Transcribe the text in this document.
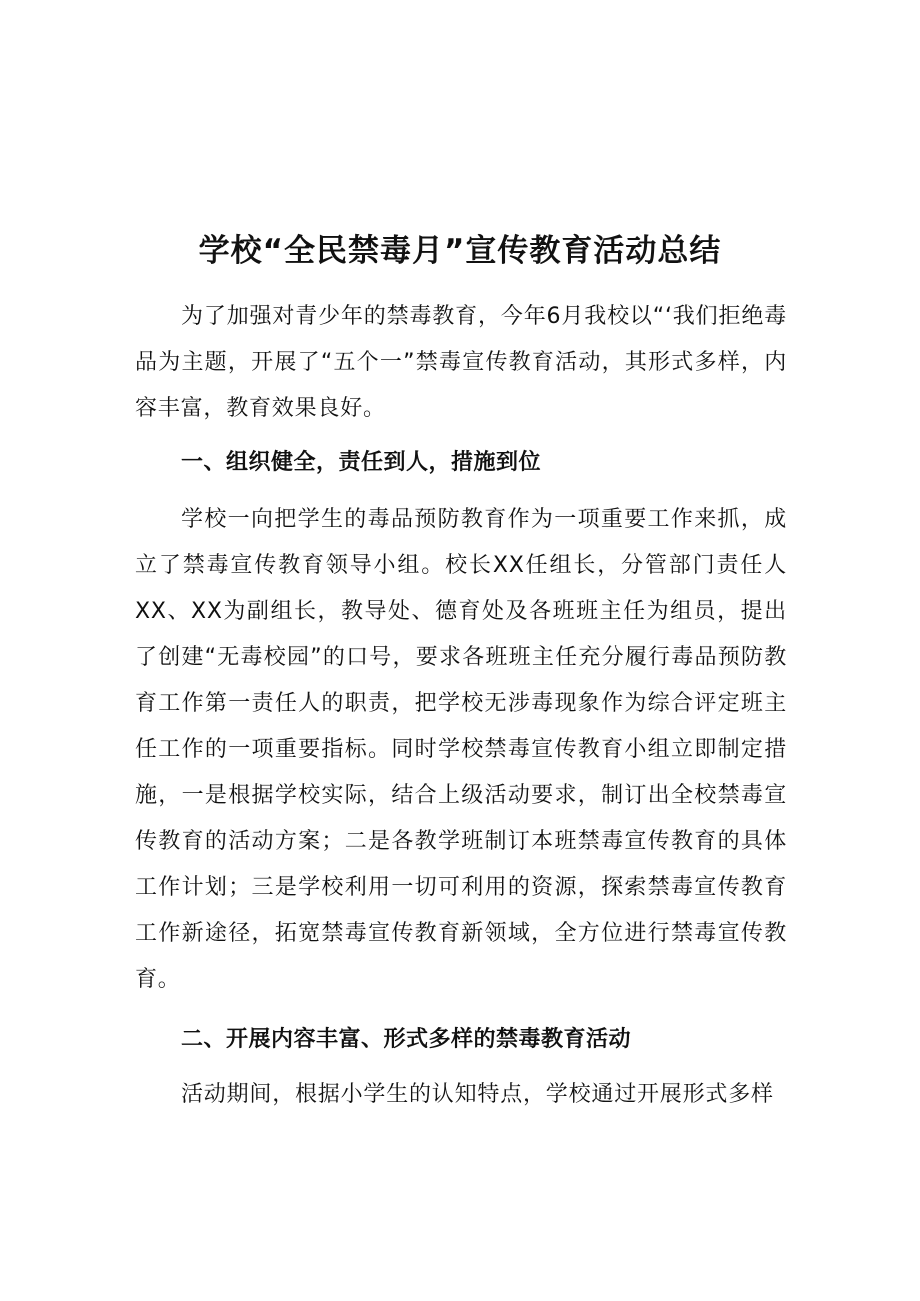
学校“全民禁毒月”宣传教育活动总结

为了加强对青少年的禁毒教育，今年6月我校以“‘我们拒绝毒品为主题，开展了“五个一”禁毒宣传教育活动，其形式多样，内容丰富，教育效果良好。

一、组织健全，责任到人，措施到位

学校一向把学生的毒品预防教育作为一项重要工作来抓，成立了禁毒宣传教育领导小组。校长XX任组长，分管部门责任人XX、XX为副组长，教导处、德育处及各班班主任为组员，提出了创建“无毒校园”的口号，要求各班班主任充分履行毒品预防教育工作第一责任人的职责，把学校无涉毒现象作为综合评定班主任工作的一项重要指标。同时学校禁毒宣传教育小组立即制定措施，一是根据学校实际，结合上级活动要求，制订出全校禁毒宣传教育的活动方案；二是各教学班制订本班禁毒宣传教育的具体工作计划；三是学校利用一切可利用的资源，探索禁毒宣传教育工作新途径，拓宽禁毒宣传教育新领域，全方位进行禁毒宣传教育。

二、开展内容丰富、形式多样的禁毒教育活动

活动期间，根据小学生的认知特点，学校通过开展形式多样
